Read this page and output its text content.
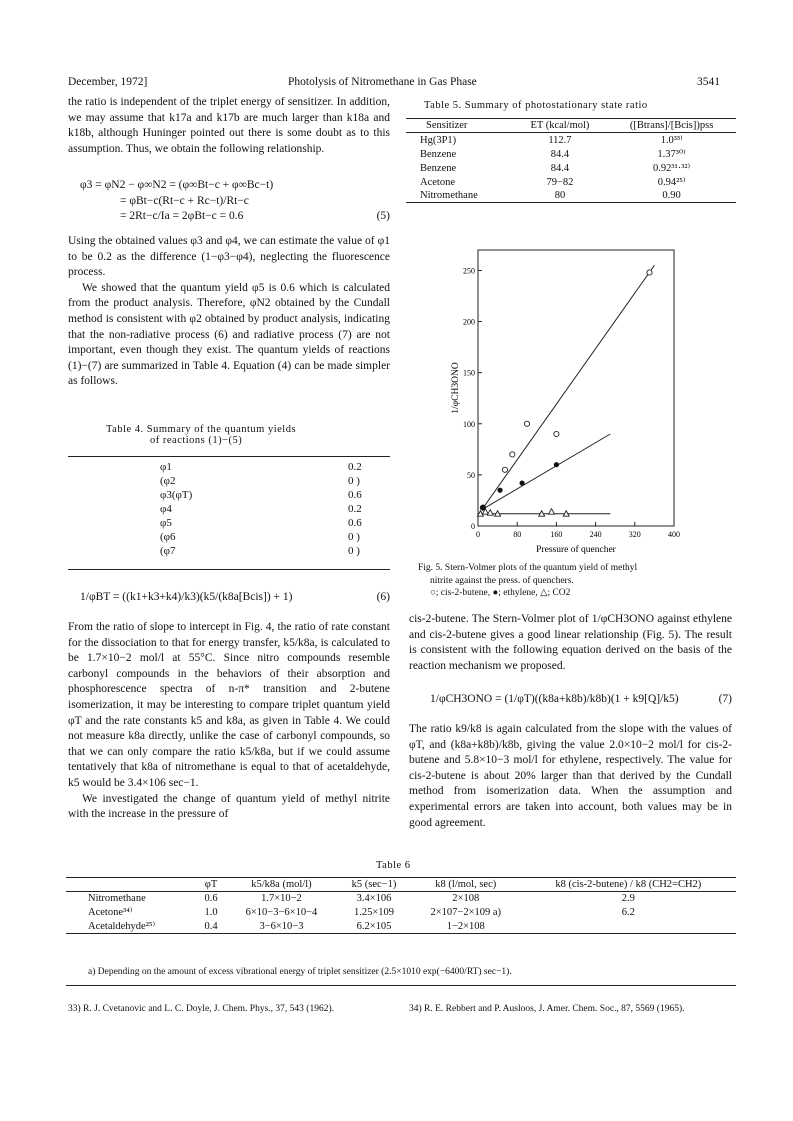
December, 1972]	Photolysis of Nitromethane in Gas Phase	3541

the ratio is independent of the triplet energy of sensitizer. In addition, we may assume that k17a and k17b are much larger than k18a and k18b, although Huninger pointed out there is some doubt as to this assumption. Thus, we obtain the following relationship.

φ3 = φN2 − φ∞N2 = (φ∞Bt−c + φ∞Bc−t)
= φBt−c(Rt−c + Rc−t)/Rt−c
= 2Rt−c/Ia = 2φBt−c = 0.6	(5)

Using the obtained values φ3 and φ4, we can estimate the value of φ1 to be 0.2 as the difference (1−φ3−φ4), neglecting the fluorescence process.

We showed that the quantum yield φ5 is 0.6 which is calculated from the product analysis. Therefore, φN2 obtained by the Cundall method is consistent with φ2 obtained by product analysis, indicating that the non-radiative process (6) and radiative process (7) are not important, even though they exist. The quantum yields of reactions (1)−(7) are summarized in Table 4. Equation (4) can be made simpler as follows.

Table 4. Summary of the quantum yields
of reactions (1)−(5)
φ1	0.2
(φ2	0 )
φ3(φT)	0.6
φ4	0.2
φ5	0.6
(φ6	0 )
(φ7	0 )
1/φBT = ((k1+k3+k4)/k3)(k5/(k8a[Bcis]) + 1)	(6)

From the ratio of slope to intercept in Fig. 4, the ratio of rate constant for the dissociation to that for energy transfer, k5/k8a, is calculated to be 1.7×10−2 mol/l at 55°C. Since nitro compounds resemble carbonyl compounds in the behaviors of their absorption and phosphorescence spectra of n-π* transition and 2-butene isomerization, it may be interesting to compare triplet quantum yield φT and the rate constants k5 and k8a, as given in Table 4. We could not measure k8a directly, unlike the case of carbonyl compounds, so that we can only compare the ratio k5/k8a, but if we could assume tentatively that k8a of nitromethane is equal to that of acetaldehyde, k5 would be 3.4×106 sec−1.

We investigated the change of quantum yield of methyl nitrite with the increase in the pressure of

Table 5. Summary of photostationary state ratio
Sensitizer	ET (kcal/mol)	([Btrans]/[Bcis])pss
Hg(3P1)	112.7	1.0³³⁾
Benzene	84.4	1.37³⁰⁾
Benzene	84.4	0.92³¹·³²⁾
Acetone	79−82	0.94²⁵⁾
Nitromethane	80	0.90
0	80	160	240	320	400
0
50
100
150
200
250
Pressure of quencher
1/φCH3ONO
Fig. 5. Stern-Volmer plots of the quantum yield of methyl
nitrite against the press. of quenchers.
○; cis-2-butene, ●; ethylene, △; CO2

cis-2-butene. The Stern-Volmer plot of 1/φCH3ONO against ethylene and cis-2-butene gives a good linear relationship (Fig. 5). The result is consistent with the following equation derived on the basis of the reaction mechanism we proposed.

1/φCH3ONO = (1/φT)((k8a+k8b)/k8b)(1 + k9[Q]/k5)	(7)

The ratio k9/k8 is again calculated from the slope with the values of φT, and (k8a+k8b)/k8b, giving the value 2.0×10−2 mol/l for cis-2-butene and 5.8×10−3 mol/l for ethylene, respectively. The value for cis-2-butene is about 20% larger than that derived by the Cundall method from isomerization data. When the assumption and experimental errors are taken into account, both values may be in good agreement.

Table 6
	φT	k5/k8a (mol/l)	k5 (sec−1)	k8 (l/mol, sec)	k8 (cis-2-butene) / k8 (CH2=CH2)
Nitromethane	0.6	1.7×10−2	3.4×106	2×108	2.9
Acetone³⁴⁾	1.0	6×10−3−6×10−4	1.25×109	2×107−2×109 a)	6.2
Acetaldehyde²⁵⁾	0.4	3−6×10−3	6.2×105	1−2×108	
a) Depending on the amount of excess vibrational energy of triplet sensitizer (2.5×1010 exp(−6400/RT) sec−1).
33) R. J. Cvetanovic and L. C. Doyle, J. Chem. Phys., 37, 543 (1962).	34) R. E. Rebbert and P. Ausloos, J. Amer. Chem. Soc., 87, 5569 (1965).
